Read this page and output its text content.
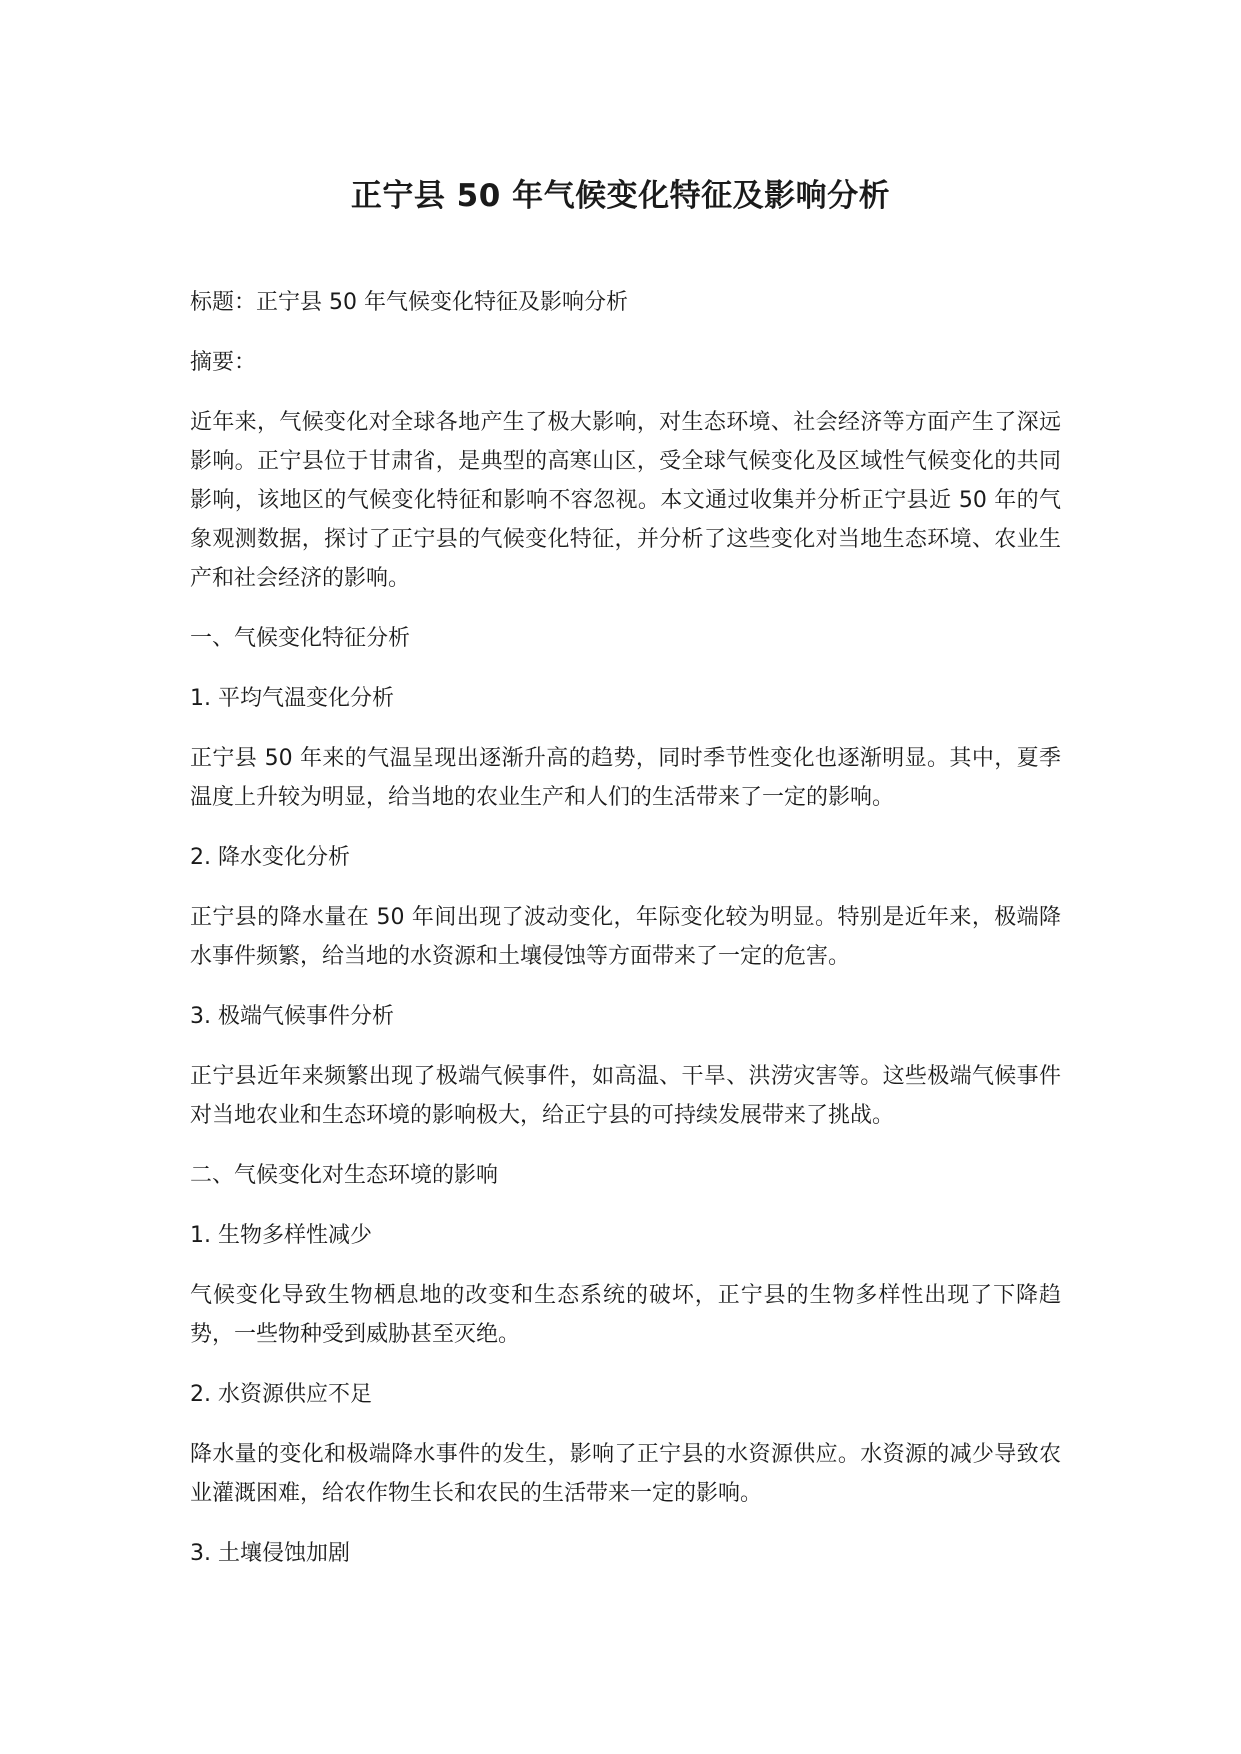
正宁县 50 年气候变化特征及影响分析

标题：正宁县 50 年气候变化特征及影响分析

摘要：

近年来，气候变化对全球各地产生了极大影响，对生态环境、社会经济等方面产生了深远影响。正宁县位于甘肃省，是典型的高寒山区，受全球气候变化及区域性气候变化的共同影响，该地区的气候变化特征和影响不容忽视。本文通过收集并分析正宁县近 50 年的气象观测数据，探讨了正宁县的气候变化特征，并分析了这些变化对当地生态环境、农业生产和社会经济的影响。

一、气候变化特征分析

1. 平均气温变化分析

正宁县 50 年来的气温呈现出逐渐升高的趋势，同时季节性变化也逐渐明显。其中，夏季温度上升较为明显，给当地的农业生产和人们的生活带来了一定的影响。

2. 降水变化分析

正宁县的降水量在 50 年间出现了波动变化，年际变化较为明显。特别是近年来，极端降水事件频繁，给当地的水资源和土壤侵蚀等方面带来了一定的危害。

3. 极端气候事件分析

正宁县近年来频繁出现了极端气候事件，如高温、干旱、洪涝灾害等。这些极端气候事件对当地农业和生态环境的影响极大，给正宁县的可持续发展带来了挑战。

二、气候变化对生态环境的影响

1. 生物多样性减少

气候变化导致生物栖息地的改变和生态系统的破坏，正宁县的生物多样性出现了下降趋势，一些物种受到威胁甚至灭绝。

2. 水资源供应不足

降水量的变化和极端降水事件的发生，影响了正宁县的水资源供应。水资源的减少导致农业灌溉困难，给农作物生长和农民的生活带来一定的影响。

3. 土壤侵蚀加剧
